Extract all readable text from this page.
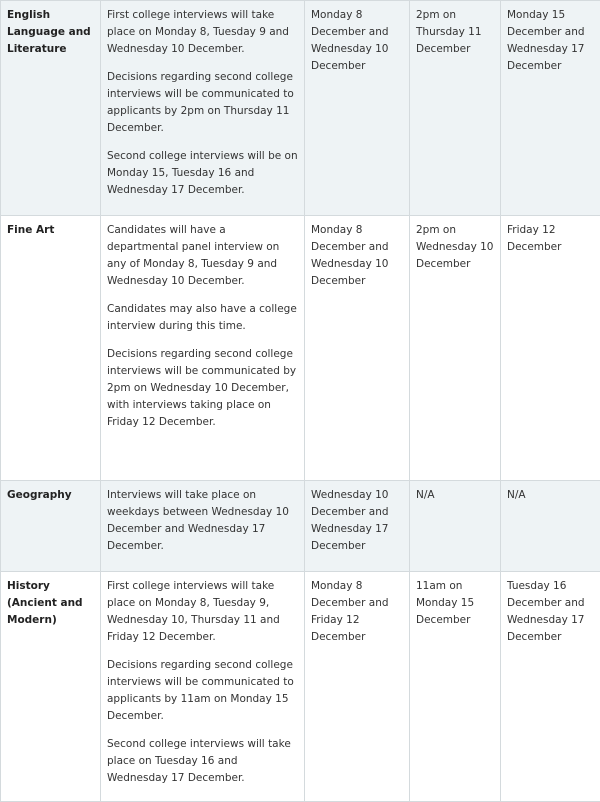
English Language and Literature	First college interviews will take place on Monday 8, Tuesday 9 and Wednesday 10 December.

Decisions regarding second college interviews will be communicated to applicants by 2pm on Thursday 11 December.

Second college interviews will be on Monday 15, Tuesday 16 and Wednesday 17 December.	Monday 8 December and Wednesday 10 December	2pm on Thursday 11 December	Monday 15 December and Wednesday 17 December
Fine Art	Candidates will have a departmental panel interview on any of Monday 8, Tuesday 9 and Wednesday 10 December.

Candidates may also have a college interview during this time.

Decisions regarding second college interviews will be communicated by 2pm on Wednesday 10 December, with interviews taking place on Friday 12 December.	Monday 8 December and Wednesday 10 December	2pm on Wednesday 10 December	Friday 12 December
Geography	Interviews will take place on weekdays between Wednesday 10 December and Wednesday 17 December.	Wednesday 10 December and Wednesday 17 December	N/A	N/A
History (Ancient and Modern)	First college interviews will take place on Monday 8, Tuesday 9, Wednesday 10, Thursday 11 and Friday 12 December.

Decisions regarding second college interviews will be communicated to applicants by 11am on Monday 15 December.

Second college interviews will take place on Tuesday 16 and Wednesday 17 December.	Monday 8 December and Friday 12 December	11am on Monday 15 December	Tuesday 16 December and Wednesday 17 December
